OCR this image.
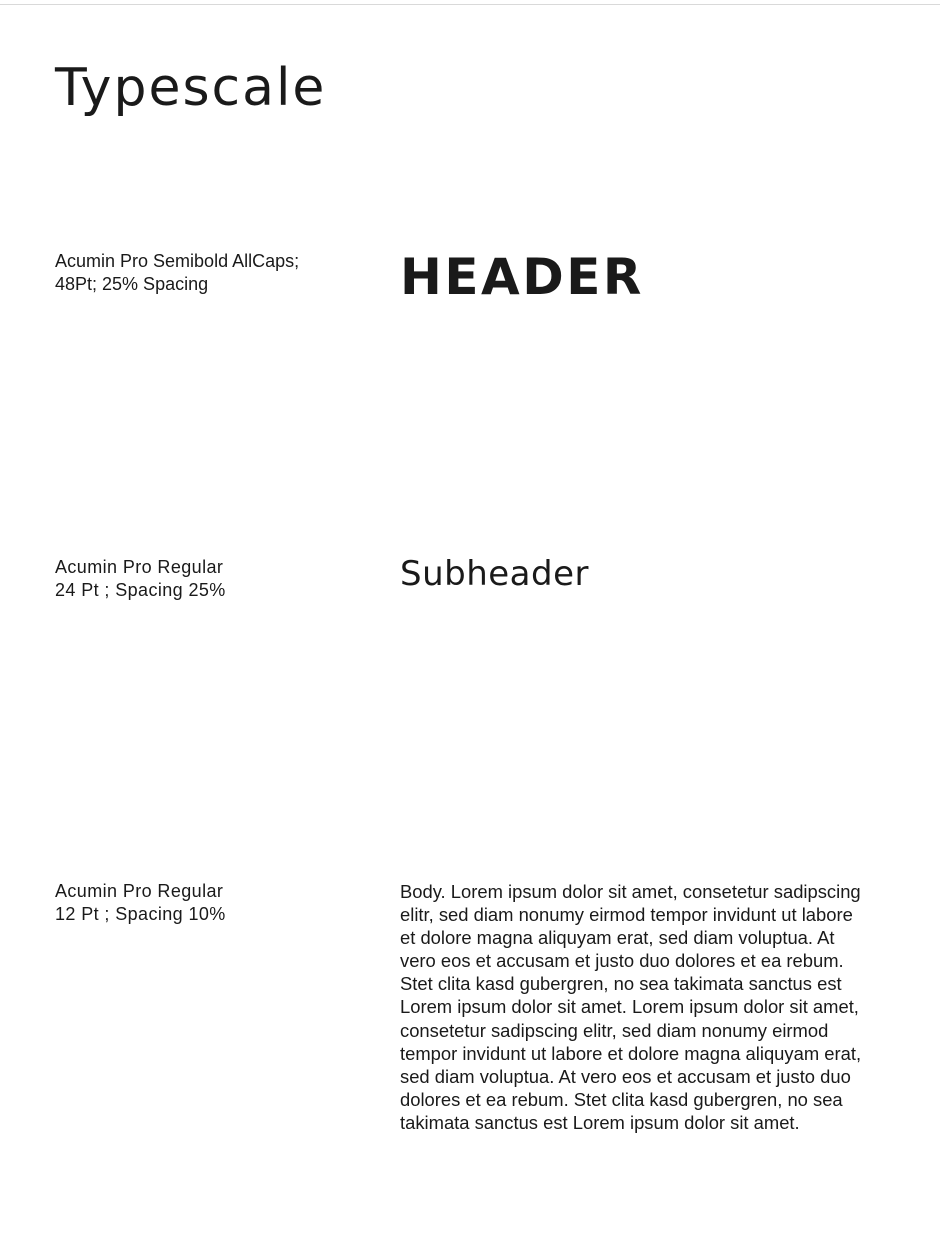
Typescale
Acumin Pro Semibold AllCaps;
48Pt; 25% Spacing	HEADER
Acumin Pro Regular
24 Pt ; Spacing 25%	Subheader
Acumin Pro Regular
12 Pt ; Spacing 10%
Body. Lorem ipsum dolor sit amet, consetetur sadipscing
elitr, sed diam nonumy eirmod tempor invidunt ut labore
et dolore magna aliquyam erat, sed diam voluptua. At
vero eos et accusam et justo duo dolores et ea rebum.
Stet clita kasd gubergren, no sea takimata sanctus est
Lorem ipsum dolor sit amet. Lorem ipsum dolor sit amet,
consetetur sadipscing elitr, sed diam nonumy eirmod
tempor invidunt ut labore et dolore magna aliquyam erat,
sed diam voluptua. At vero eos et accusam et justo duo
dolores et ea rebum. Stet clita kasd gubergren, no sea
takimata sanctus est Lorem ipsum dolor sit amet.
